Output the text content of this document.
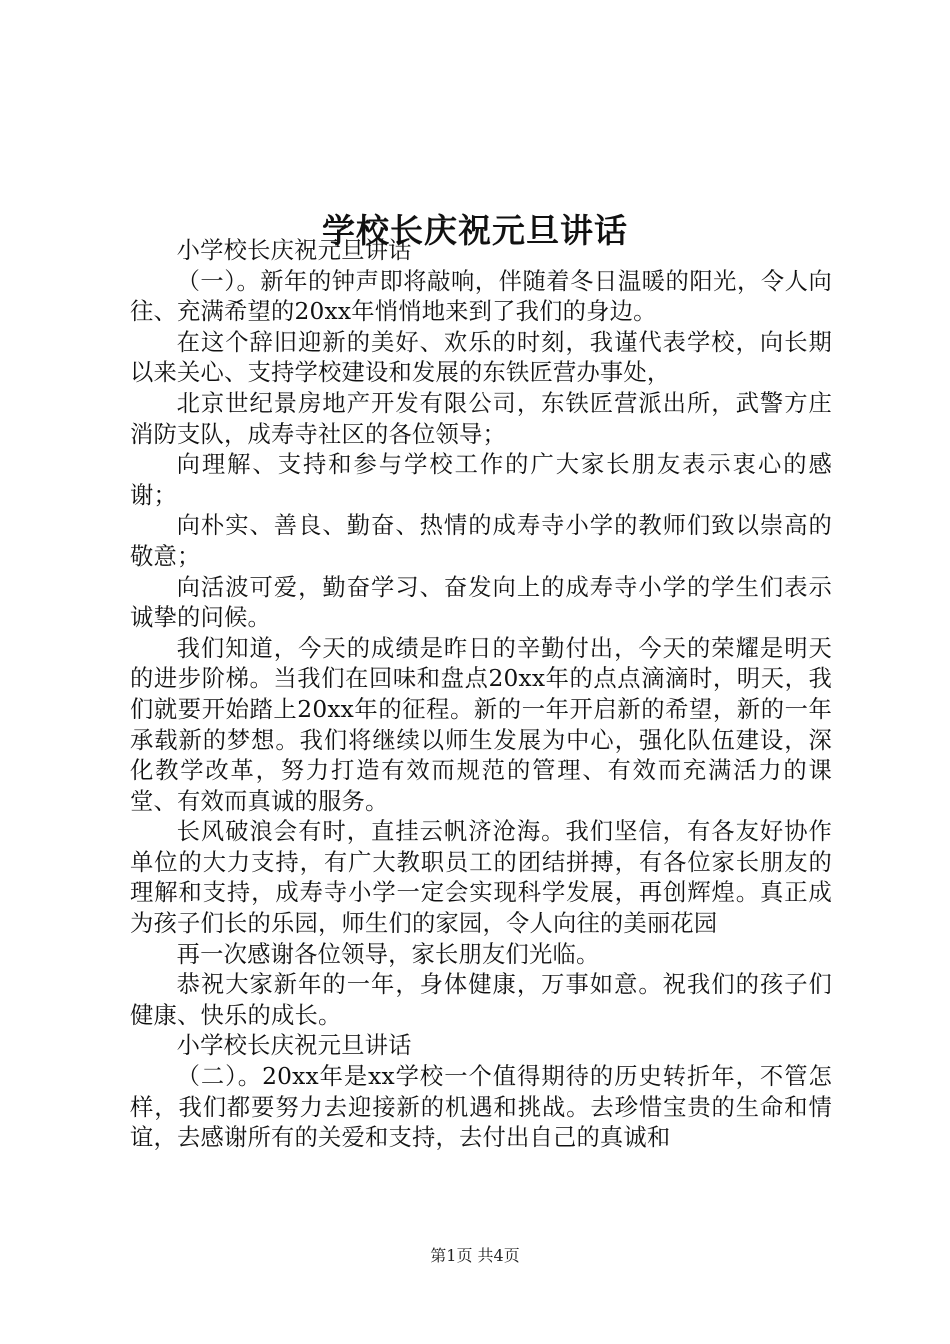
学校长庆祝元旦讲话

小学校长庆祝元旦讲话

（一）。新年的钟声即将敲响，伴随着冬日温暖的阳光，令人向往、充满希望的20xx年悄悄地来到了我们的身边。

在这个辞旧迎新的美好、欢乐的时刻，我谨代表学校，向长期以来关心、支持学校建设和发展的东铁匠营办事处，

北京世纪景房地产开发有限公司，东铁匠营派出所，武警方庄消防支队，成寿寺社区的各位领导；

向理解、支持和参与学校工作的广大家长朋友表示衷心的感谢；

向朴实、善良、勤奋、热情的成寿寺小学的教师们致以崇高的敬意；

向活波可爱，勤奋学习、奋发向上的成寿寺小学的学生们表示诚挚的问候。

我们知道，今天的成绩是昨日的辛勤付出，今天的荣耀是明天的进步阶梯。当我们在回味和盘点20xx年的点点滴滴时，明天，我们就要开始踏上20xx年的征程。新的一年开启新的希望，新的一年承载新的梦想。我们将继续以师生发展为中心，强化队伍建设，深化教学改革，努力打造有效而规范的管理、有效而充满活力的课堂、有效而真诚的服务。

长风破浪会有时，直挂云帆济沧海。我们坚信，有各友好协作单位的大力支持，有广大教职员工的团结拼搏，有各位家长朋友的理解和支持，成寿寺小学一定会实现科学发展，再创辉煌。真正成为孩子们长的乐园，师生们的家园，令人向往的美丽花园

再一次感谢各位领导，家长朋友们光临。

恭祝大家新年的一年，身体健康，万事如意。祝我们的孩子们健康、快乐的成长。

小学校长庆祝元旦讲话

（二）。20xx年是xx学校一个值得期待的历史转折年，不管怎样，我们都要努力去迎接新的机遇和挑战。去珍惜宝贵的生命和情谊，去感谢所有的关爱和支持，去付出自己的真诚和

第1页 共4页
